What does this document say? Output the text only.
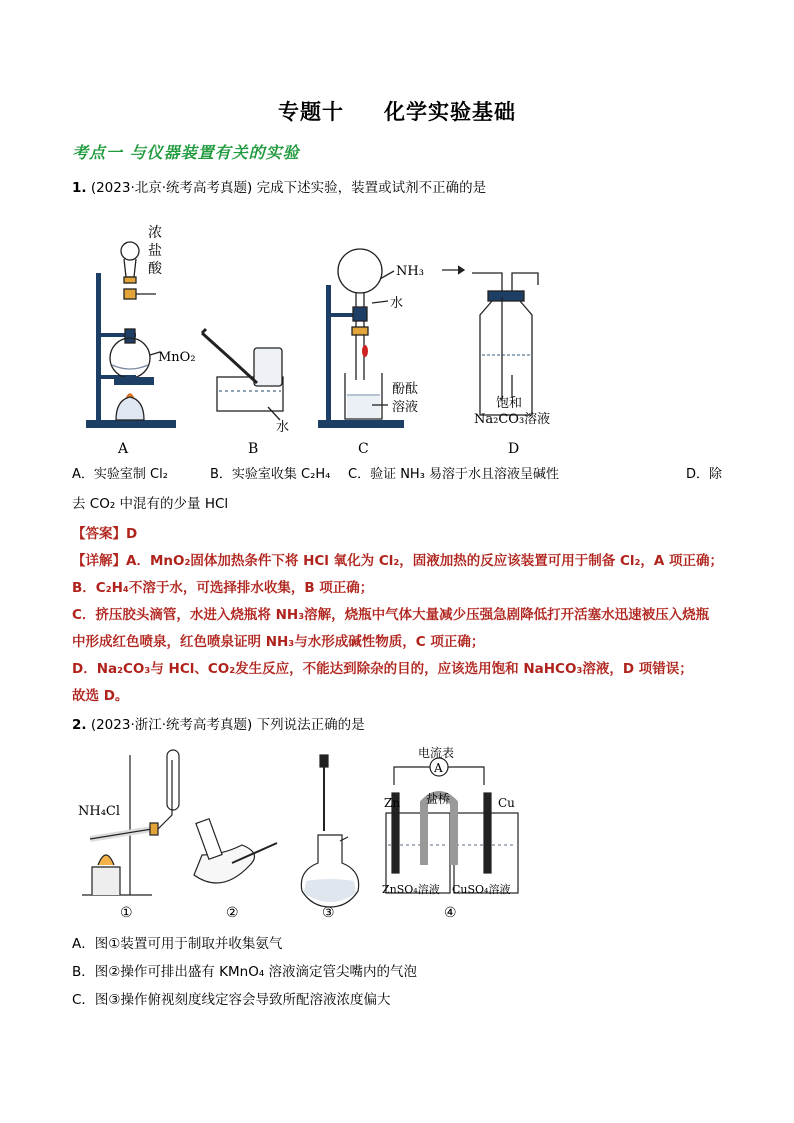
专题十 化学实验基础
考点一 与仪器装置有关的实验
1. (2023·北京·统考高考真题) 完成下述实验，装置或试剂不正确的是
浓
盐
酸
MnO₂
水
NH₃
水
酚酞
溶液	饱和
Na₂CO₃溶液
A	B	C	D
A．实验室制 Cl₂	B．实验室收集 C₂H₄ C．验证 NH₃ 易溶于水且溶液呈碱性	D．除
去 CO₂ 中混有的少量 HCl
【答案】D
【详解】A．MnO₂固体加热条件下将 HCl 氧化为 Cl₂，固液加热的反应该装置可用于制备 Cl₂，A 项正确；
B．C₂H₄不溶于水，可选择排水收集，B 项正确；
C．挤压胶头滴管，水进入烧瓶将 NH₃溶解，烧瓶中气体大量减少压强急剧降低打开活塞水迅速被压入烧瓶
中形成红色喷泉，红色喷泉证明 NH₃与水形成碱性物质，C 项正确；
D．Na₂CO₃与 HCl、CO₂发生反应，不能达到除杂的目的，应该选用饱和 NaHCO₃溶液，D 项错误；
故选 D。
2. (2023·浙江·统考高考真题) 下列说法正确的是
NH₄Cl
电流表
A
Zn	Cu
盐桥
ZnSO₄溶液 CuSO₄溶液
①	②	③	④
A．图①装置可用于制取并收集氨气
B．图②操作可排出盛有 KMnO₄ 溶液滴定管尖嘴内的气泡
C．图③操作俯视刻度线定容会导致所配溶液浓度偏大
